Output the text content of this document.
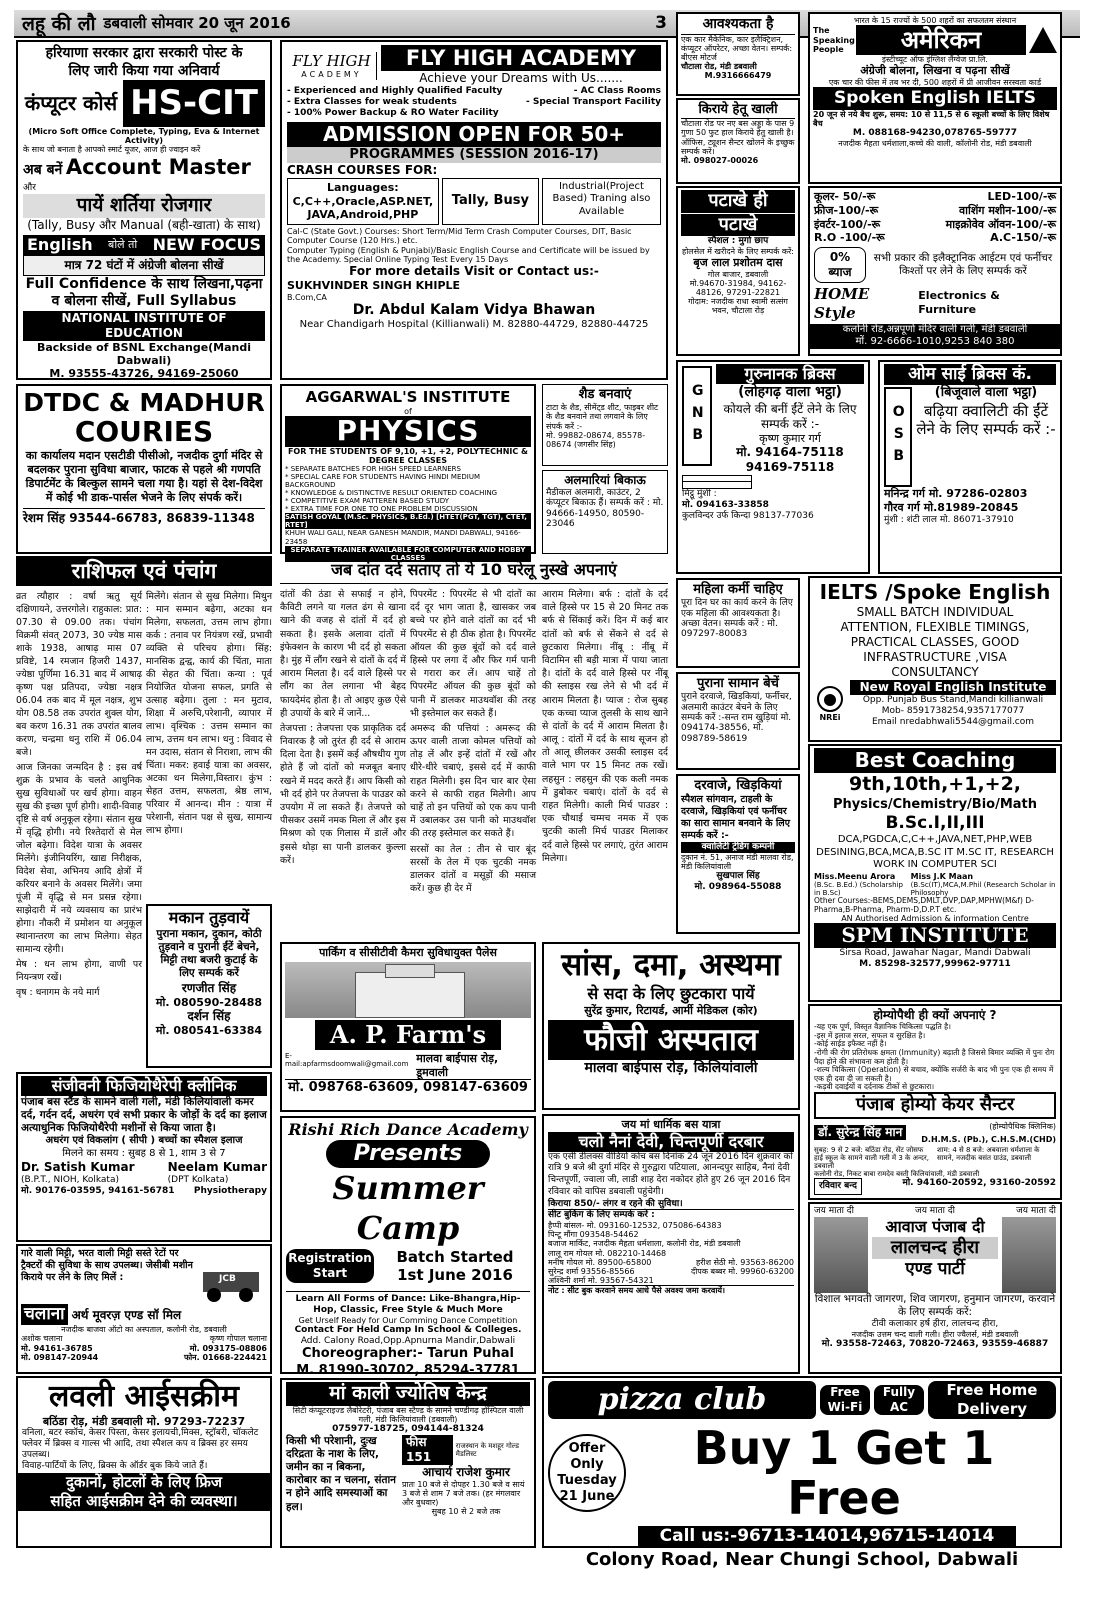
लहू की लौ डबवाली सोमवार 20 जून 2016	3
हरियाणा सरकार द्वारा सरकारी पोस्ट के
लिए जारी किया गया अनिवार्य
कंप्यूटर कोर्स HS-CIT
(Micro Soft Office Complete, Typing, Eva & Internet Activity)
के साथ जो बनाता है आपको स्मार्ट यूजर, आज ही ज्वाइन करें
अब बनें Account Master और
पायें शर्तिया रोजगार
(Tally, Busy और Manual (बही-खाता) के साथ)
English बोले तो NEW FOCUS
मात्र 72 घंटों में अंग्रेजी बोलना सीखें
Full Confidence के साथ लिखना,पढ़ना
व बोलना सीखें, Full Syllabus
NATIONAL INSTITUTE OF EDUCATION
Backside of BSNL Exchange(Mandi Dabwali)
M. 93555-43726, 94169-25060
FLY HIGH
ACADEMY
FLY HIGH ACADEMY
Achieve your Dreams with Us.......
- Experienced and Highly Qualified Faculty	- AC Class Rooms
- Extra Classes for weak students	- Special Transport Facility
- 100% Power Backup & RO Water Facility
ADMISSION OPEN FOR 50+
PROGRAMMES (SESSION 2016-17)
CRASH COURSES FOR:
Languages: C,C++,Oracle,ASP.NET, JAVA,Android,PHP
Tally, Busy
Industrial(Project Based) Traning also Available
Cal-C (State Govt.) Courses: Short Term/Mid Term Crash Computer Courses, DIT, Basic Computer Course (120 Hrs.) etc.
Computer Typing (English & Punjabi)/Basic English Course and Certificate will be issued by the Academy. Special Online Typing Test Every 15 Days
For more details Visit or Contact us:-
SUKHVINDER SINGH KHIPLE
B.Com,CA
Dr. Abdul Kalam Vidya Bhawan
Near Chandigarh Hospital (Killianwali) M. 82880-44729, 82880-44725
आवश्यकता है
एक कार मैकेनिक, कार इलैक्ट्रिशन, कंप्यूटर ऑपरेटर, अच्छा वेतन। सम्पर्क: बीएस मोटर्ज
चौटाला रोड, मंडी डबवाली
M.9316666479
किराये हेतू खाली
चौटाला रोड पर नए बस अड्डा के पास 9 गुणा 50 फुट हाल किराये हेतु खाली है। ऑफिस, ट्यूशन सैन्टर खोलने के इच्छुक सम्पर्क करें।
मो. 098027-00026
भारत के 15 राज्यों के 500 शहरों का सफलतम संस्थान
The Speaking People	अमेरिकन
इंस्टीच्यूट ऑफ इंग्लिश लैंग्वेज प्रा.लि.
अंग्रेजी बोलना, लिखना व पढ़ना सीखें
एक चार की फीस में तब भर दी, 500 शहरों में प्री आजीवन सरस्वता कार्ड
Spoken English IELTS
20 जून से नये बैच शुरू, समय: 10 से 11,5 से 6 स्कूली बच्चों के लिए विशेष बैच
M. 088168-94230,078765-59777
नजदीक मैहता धर्मशाला,कच्चे की वाली, कॉलोनी रोड, मंडी डबवाली
पटाखे ही
पटाखे
स्पैशल : मुर्गा छाप
होलसेल में खरीदने के लिए सम्पर्क करें:
बृज लाल प्रशोतम दास
गोल बाजार, डबवाली
मो.94670-31984, 94162-48126, 97291-22821
गोदाम: नजदीक राधा स्वामी सत्संग भवन, चौटाला रोड़
कूलर- 50/-रू	LED-100/-रू
फ्रीज-100/-रू	वाशिंग मशीन-100/-रू
इंवर्टर-100/-रू	माइक्रोवेव ऑवन-100/-रू
R.O -100/-रू	A.C-150/-रू
0% ब्याज
सभी प्रकार की इलैक्ट्रानिक आईटम एवं फर्नीचर किश्तों पर लेने के लिए सम्पर्क करें
HOME Style
Electronics & Furniture
कलोनी रोड,अन्नपूर्णा मंदिर वाली गली, मंडी डबवाली
मों. 92-6666-1010,9253 840 380
DTDC & MADHUR
COURIES
का कार्यालय मदान एसटीडी पीसीओ, नजदीक दुर्गा मंदिर से बदलकर पुराना सुविधा बाजार, फाटक से पहले श्री गणपति डिपार्टमेंट के बिल्कुल सामने चला गया है। यहां से देश-विदेश में कोई भी डाक-पार्सल भेजने के लिए संपर्क करें।
रेशम सिंह 93544-66783, 86839-11348
AGGARWAL'S INSTITUTE
of
PHYSICS
FOR THE STUDENTS OF 9,10, +1, +2, POLYTECHNIC & DEGREE CLASSES
* SEPARATE BATCHES FOR HIGH SPEED LEARNERS
* SPECIAL CARE FOR STUDENTS HAVING HINDI MEDIUM BACKGROUND
* KNOWLEDGE & DISTINCTIVE RESULT ORIENTED COACHING
* COMPETITIVE EXAM PATTEREN BASED STUDY
* EXTRA TIME FOR ONE TO ONE PROBLEM DISCUSSION
SATISH GOYAL (M.Sc. PHYSICS, B.Ed.) [HTET(PGT, TGT), CTET, RTET]
KHUH WALI GALI, NEAR GANESH MANDIR, MANDI DABWALI, 94166-23458
SEPARATE TRAINER AVAILABLE FOR COMPUTER AND HOBBY CLASSES
शैड बनवाएं
टाटा के शैड, सीमेंट्ड शीट, फाइबर शीट के शैड बनवाने तथा लगवाने के लिए संपर्क करें :-
मो. 99882-08674, 85578-08674 (जगसीर सिंह)
अलमारियां बिकाऊ
मैडीकल अलमारी, काउंटर, 2 कंप्यूटर बिकाऊ हैं। सम्पर्क करें : मो. 94666-14950, 80590-23046
GNB
गुरुनानक ब्रिक्स
(लोहगढ़ वाला भट्ठा)
कोयले की बनीं ईंटें लेने के लिए सम्पर्क करें :-
कृष्ण कुमार गर्ग
मो. 94164-75118
94169-75118
मिट्ठू मुंशी :
मो. 094163-33858
कुलविन्दर उर्फ किन्दा 98137-77036
ओम साई ब्रिक्स कं.
OSB
(बिजूवाले वाला भट्ठा)
बढ़िया क्वालिटी की ईंटें लेने के लिए सम्पर्क करें :-
मनिन्द्र गर्ग मो. 97286-02803
गौरव गर्ग मो.81989-20845
मुंशी : शंटी लाल मो. 86071-37910
राशिफल एवं पंचांग

व्रत त्यौहार : वर्षा ऋतु सूर्य दक्षिणायने, उत्तरगोले। राहुकाल: प्रात: 07.30 से 09.00 तक। पंचांग विक्रमी संवत् 2073, 30 ज्येष्ठ मास शाके 1938, आषाढ़ मास 07 प्रविष्टे, 14 रमजान हिजरी 1437, ज्येष्ठा पूर्णिमा 16.31 बाद में आषाढ़ कृष्ण पक्ष प्रतिपदा, ज्येष्ठा नक्षत्र 06.04 तक बाद में मूल नक्षत्र, शुभ योग 08.58 तक उपरांत शुक्ल योग, बव करण 16.31 तक उपरांत बालव करण, चन्द्रमा धनु राशि में 06.04 बजे।

आज जिनका जन्मदिन है : इस वर्ष शुक्र के प्रभाव के चलते आधुनिक सुख सुविधाओं पर खर्च होगा। वाहन सुख की इच्छा पूर्ण होगी। शादी-विवाह दृष्टि से वर्ष अनुकूल रहेगा। संतान सुख में वृद्धि होगी। नये रिश्तेदारों से मेल जोल बढ़ेगा। विदेश यात्रा के अवसर मिलेंगे। इंजीनियरिंग, खाद्य निरीक्षक, विदेश सेवा, अभिनय आदि क्षेत्रों में करियर बनाने के अवसर मिलेंगे। जमा पूंजी में वृद्धि से मन प्रसन्न रहेगा। साझेदारी में नये व्यवसाय का प्रारंभ होगा। नौकरी में प्रमोशन या अनुकूल स्थानान्तरण का लाभ मिलेगा। सेहत सामान्य रहेगी।

मेष : धन लाभ होगा, वाणी पर नियन्त्रण रखें।

वृष : धनागम के नये मार्ग

मिलेंगे। संतान से सुख मिलेगा। मिथुन : मान सम्मान बढ़ेगा, अटका धन मिलेगा, सफलता, उत्तम लाभ होगा। कर्क : तनाव पर नियंत्रण रखें, प्रभावी व्यक्ति से परिचय होगा। सिंह: मानसिक द्वन्द्व, कार्य की चिंता, माता की सेहत की चिंता। कन्या : पूर्व नियोजित योजना सफल, प्रगति से उत्साह बढ़ेगा। तुला : मन मुटाव, शिक्षा में अरुचि,परेशानी, व्यापार में लाभ। वृश्चिक : उत्तम सम्मान का लाभ, उत्तम धन लाभ। धनु : विवाद से मन उदास, संतान से निराशा, लाभ की चिंता। मकर: हवाई यात्रा का अवसर, अटका धन मिलेगा,विस्तार। कुंभ : सेहत उत्तम, सफलता, श्रेष्ठ लाभ, परिवार में आनन्द। मीन : यात्रा में परेशानी, संतान पक्ष से सुख, सामान्य लाभ होगा।

मकान तुड़वायें
पुराना मकान, दुकान, कोठी तुड़वाने व पुरानी ईंटें बेचने, मिट्टी तथा बजरी कुटाई के लिए सम्पर्क करें
रणजीत सिंह
मो. 080590-28488
दर्शन सिंह
मो. 080541-63384
जब दांत दर्द सताए तो ये 10 घरेलू नुस्खे अपनाएं

दांतों की ठंडा से सफाई न होने, कैविटी लगने या गलत ढंग से खाना खाने की वजह से दांतों में दर्द हो सकता है। इसके अलावा दांतों में इंफेक्शन के कारण भी दर्द हो सकता है। मुंह में लौंग रखने से दांतों के दर्द में आराम मिलता है। दर्द वाले हिस्से पर लौंग का तेल लगाना भी बेहद फायदेमंद होता है। तो आइए कुछ ऐसे ही उपायों के बारे में जानें...

तेजपत्ता : तेजपत्ता एक प्राकृतिक दर्द निवारक है जो तुरंत ही दर्द से आराम दिला देता है। इसमें कई औषधीय गुण होते हैं जो दांतों को मजबूत बनाए रखने में मदद करते हैं। आप किसी को भी दर्द होने पर तेजपत्ता के पाउडर को उपयोग में ला सकते हैं। तेजपत्ते को पीसकर उसमें नमक मिला लें और इस मिश्रण को एक गिलास में डालें और इससे थोड़ा सा पानी डालकर कुल्ला करें।

पिपरमेंट : पिपरमेंट से भी दांतों का दर्द दूर भाग जाता है, खासकर जब बच्चे पर होने वाले दांतों का दर्द भी पिपरमेंट से ही ठीक होता है। पिपरमेंट ऑयल की कुछ बूंदों को दर्द वाले हिस्से पर लगा दें और फिर गर्म पानी से गरारा कर लें। आप चाहें तो पिपरमेंट ऑयल की कुछ बूंदों को पानी में डालकर माउथवॉश की तरह भी इस्तेमाल कर सकते हैं।

अमरूद की पत्तियां : अमरूद की ऊपर वाली ताजा कोमल पत्तियों को तोड़ लें और इन्हें दांतों में रखें और धीरे-धीरे चबाएं, इससे दर्द में काफी राहत मिलेगी। इस दिन चार बार ऐसा करने से काफी राहत मिलेगी। आप चाहें तो इन पत्तियों को एक कप पानी में उबालकर उस पानी को माउथवॉश की तरह इस्तेमाल कर सकते हैं।

सरसों का तेल : तीन से चार बूंद सरसों के तेल में एक चुटकी नमक डालकर दांतों व मसूड़ों की मसाज करें। कुछ ही देर में

आराम मिलेगा। बर्फ : दांतों के दर्द वाले हिस्से पर 15 से 20 मिनट तक बर्फ से सिंकाई करें। दिन में कई बार दांतों को बर्फ से सेंकने से दर्द से छुटकारा मिलेगा। नींबू : नींबू में विटामिन सी बड़ी मात्रा में पाया जाता है। दांतों के दर्द वाले हिस्से पर नींबू की स्लाइस रख लेने से भी दर्द में आराम मिलता है। प्याज : रोज सुबह एक कच्चा प्याज तुलसी के साथ खाने से दांतों के दर्द में आराम मिलता है। आलू : दांतों में दर्द के साथ सूजन हो तो आलू छीलकर उसकी स्लाइस दर्द वाले भाग पर 15 मिनट तक रखें। लहसुन : लहसुन की एक कली नमक में डुबोकर चबाएं। दांतों के दर्द से राहत मिलेगी। काली मिर्च पाउडर : एक चौथाई चम्मच नमक में एक चुटकी काली मिर्च पाउडर मिलाकर दर्द वाले हिस्से पर लगाएं, तुरंत आराम मिलेगा।

महिला कर्मी चाहिए
पूरा दिन घर का कार्य करने के लिए एक महिला की आवश्यकता है। अच्छा वेतन। सम्पर्क करें : मो. 097297-80083
पुराना सामान बेचें
पुराने दरवाजे, खिड़कियां, फर्नीचर, अलमारी काउंटर बेचने के लिए सम्पर्क करें :-सन्त राम खुड़ियां मो. 094174-38556, मो. 098789-58619
दरवाजे, खिड़कियां
स्पैशल सांगवान, टाहली के दरवाजे, खिड़कियां एवं फर्नीचर का सारा सामान बनवाने के लिए सम्पर्क करें :-
क्वालिटी ट्रेडिंग कम्पनी
दुकान नं. 51, अनाज मंडी मालवा रोड, मंडी किलियांवाली
सुखपाल सिंह
मो. 098964-55088
IELTS /Spoke English
SMALL BATCH INDIVIDUAL
ATTENTION, FLEXIBLE TIMINGS,
PRACTICAL CLASSES, GOOD
INFRASTRUCTURE ,VISA
CONSULTANCY
NREi
New Royal English Institute
Opp. Punjab Bus Stand,Mandi killianwali
Mob- 8591738254,9357177077
Email nredabhwali5544@gmail.com
Best Coaching
9th,10th,+1,+2,
Physics/Chemistry/Bio/Math
B.Sc.I,II,III
DCA,PGDCA,C,C++,JAVA,NET,PHP,WEB DESINING,BCA,MCA,B.SC IT M.SC IT, RESEARCH WORK IN COMPUTER SCI
Miss.Meenu Arora
(B.Sc. B.Ed.) (Scholarship in B.Sc)
Miss J.K Maan
(B.Sc(IT),MCA,M.Phil (Research Scholar in Philosophy
Other Courses:-BEMS,DEMS,DMLT,DVP,DAP,MPHW(M&f) D-Pharma,B-Pharma, Pharm-D,D.P.T etc.
AN Authorised Admission & information Centre
SPM INSTITUTE
Sirsa Road, Jawahar Nagar, Mandi Dabwali
M. 85298-32577,99962-97711
पार्किंग व सीसीटीवी कैमरा सुविधायुक्त पैलेस
A. P. Farm's
E-mail:apfarmsdoomwali@gmail.com मालवा बाईपास रोड़, डूमवाली
मो. 098768-63609, 098147-63609
सांस, दमा, अस्थमा
से सदा के लिए छुटकारा पायें
सुरेंद्र कुमार, रिटायर्ड, आर्मी मेडिकल (कोर)
फौजी अस्पताल
मालवा बाईपास रोड़, किलियांवाली
संजीवनी फिजियोथैरेपी क्लीनिक
पंजाब बस स्टैंड के सामने वाली गली, मंडी किलियांवाली कमर दर्द, गर्दन दर्द, अधरंग एवं सभी प्रकार के जोड़ों के दर्द का इलाज अत्याधुनिक फिजियोथैरेपी मशीनों से किया जाता है।
अधरंग एवं विकलांग ( सीपी ) बच्चों का स्पैशल इलाज
मिलने का समय : सुबह 8 से 1, शाम 3 से 7
Dr. Satish Kumar
(B.P.T., NIOH, Kolkata)
Neelam Kumar
(DPT Kolkata)
मो. 90176-03595, 94161-56781 Physiotherapy
होम्योपैथी ही क्यों अपनाएं ?
-यह एक पूर्ण, विस्तृत वैज्ञानिक चिकित्सा पद्धति है।
-इस में इलाज सरल, सफल व सुरक्षित है।
-कोई साईड इफैक्ट नहीं है।
-रोगी की रोग प्रतिरोधक क्षमता (Immunity) बढ़ाती है जिससे बिमार व्यक्ति में पुनः रोग पैदा होने की संभावना कम होती है।
-शल्य चिकित्सा (Operation) से बचाव, क्योंकि सर्जरी के बाद भी पुनः एक ही समय में एक ही दवा दी जा सकती है।
-कड़वी दवाईयों व दर्दनाक टीकों से छुटकारा।
पंजाब होम्यो केयर सैन्टर
डॉ. सुरेन्द्र सिंह मान	(होम्योपैथिक क्लिनिक)
D.H.M.S. (Pb.), C.H.S.M.(CHD)
सुबह: 9 से 2 बजे: बठिंडा रोड, सेंट जोसफ हाई स्कूल के सामने वाली गली में 3 के अन्दर, डबवाली
शाम: 4 से 8 बजे: अबवाला धर्मशाला के सामने, नजदीक बसंत ग्राउंड, डबवाली
कलोनी रोड, निकट बाबा रामदेव बस्ती किलियांवाली, मंडी डबवाली
रविवार बन्द	मो. 94160-20592, 93160-20592
Rishi Rich Dance Academy
Presents
Summer Camp
Registration Start
Batch Started
1st June 2016
Learn All Forms of Dance: Like-Bhangra,Hip-Hop, Classic, Free Style & Much More
Get Urself Ready for Our Comming Dance Competition
Contact For Held Camp In School & Colleges.
Add. Calony Road,Opp.Apnurna Mandir,Dabwali
Choreographer:- Tarun Puhal
M. 81990-30702, 85294-37781
जय मां धार्मिक बस यात्रा
चलो नैनां देवी, चिन्तपूर्णी दरबार
एक एसी डीलक्स वीडियो कोच बस दिनांक 24 जून 2016 दिन शुक्रवार को रात्रि 9 बजे श्री दुर्गा मंदिर से गुरुद्वारा पटियाला, आनन्दपुर साहिब, नैनां देवी चिन्तपूर्णी, ज्वाला जी, लाडी शाह देरा नकोदर होते हुए 26 जून 2016 दिन रविवार को वापिस डबवाली पहुंचेगी।
किराया 850/- लंगर व रहने की सुविधा।
सीट बुकिंग के लिए सम्पर्क करें :
हैप्पी बांसल- मो. 093160-12532, 075086-64383
पिन्टू मौंगा 093548-54462
बजाज मार्किट, नजदीक मैहता धर्मशाला, कलोनी रोड, मंडी डबवाली
लालू राम गोयल मो. 082210-14468
मनीष गोयल मो. 89500-65800	हरीश सेठी मो. 93563-86200
सुरेन्द्र शर्मा 93556-85566	दीपक बब्बर मो. 99960-63200
अश्विनी शर्मा मो. 93567-54321
नोट : सीट बुक करवाने समय आधे पैसे अवश्य जमा करवायें।
जय माता दी	जय माता दी	जय माता दी
आवाज पंजाब दी
लालचन्द हीरा
एण्ड पार्टी
विशाल भगवती जागरण, शिव जागरण, हनुमान जागरण, करवाने के लिए सम्पर्क करें:
टीवी कलाकार हर्ष हीरा, लालचन्द हीरा,
नजदीक उत्तम चन्द वाली गली। हीरा ज्वैलर्स, मंडी डबवाली
मो. 93558-72463, 70820-72463, 93559-46887
गारे वाली मिट्टी, भरत वाली मिट्टी सस्ते रेटों पर ट्रैक्टरों की सुविधा के साथ उपलब्ध। जेसीबी मशीन किराये पर लेने के लिए मिलें :	JCB
चलाना अर्थ मूवरज़ एण्ड सॉ मिल
नजदीक बाजवा ऑटो का अस्पताल, कलोनी रोड, डबवाली
अशोक चलाना	कृष्ण गोपाल चलाना
मो. 94161-36785	मो. 093175-08806
मो. 098147-20944	फोन. 01668-224421
लवली आईसक्रीम
बठिंडा रोड़, मंडी डबवाली मो. 97293-72237
वनिला, बटर स्कॉच, केसर पिस्ता, केसर इलायची,मिक्स, स्ट्रॉबरी, चॉकलेट फ्लेवर में ब्रिक्स व गाल्स भी आदि, तथा स्पैशल कप व ब्रिक्स हर समय उपलब्ध।
विवाह-पार्टियों के लिए, ब्रिक्स के ऑर्डर बुक किये जाते हैं।
दुकानों, होटलों के लिए फ्रिज
सहित आईसक्रीम देने की व्यवस्था।
मां काली ज्योतिष केन्द्र
सिटी कंप्यूटराइज्ड लैबोरेटरी, पंजाब बस स्टैण्ड के सामने चण्डीगढ़ हॉस्पिटल वाली गली, मंडी किलियांवाली (डबवाली)
075977-18725, 094144-81324
किसी भी परेशानी, दुःख दरिद्रता के नाश के लिए, जमीन का न बिकना, कारोबार का न चलना, संतान न होने आदि समस्याओं का हल।
फीस 151
राजस्थान के मशहूर गोल्ड मैडलिस्ट
आचार्य राजेश कुमार
प्रातः 10 बजे से दोपहर 1.30 बजे व सायं 3 बजे से शाम 7 बजे तक। (हर मंगलवार और बुधवार)
सुबह 10 से 2 बजे तक
pizza club	Free Wi-Fi
Fully AC
Free Home Delivery
Offer Only Tuesday 21 June
Buy 1 Get 1 Free
Call us:-96713-14014,96715-14014
Colony Road, Near Chungi School, Dabwali
